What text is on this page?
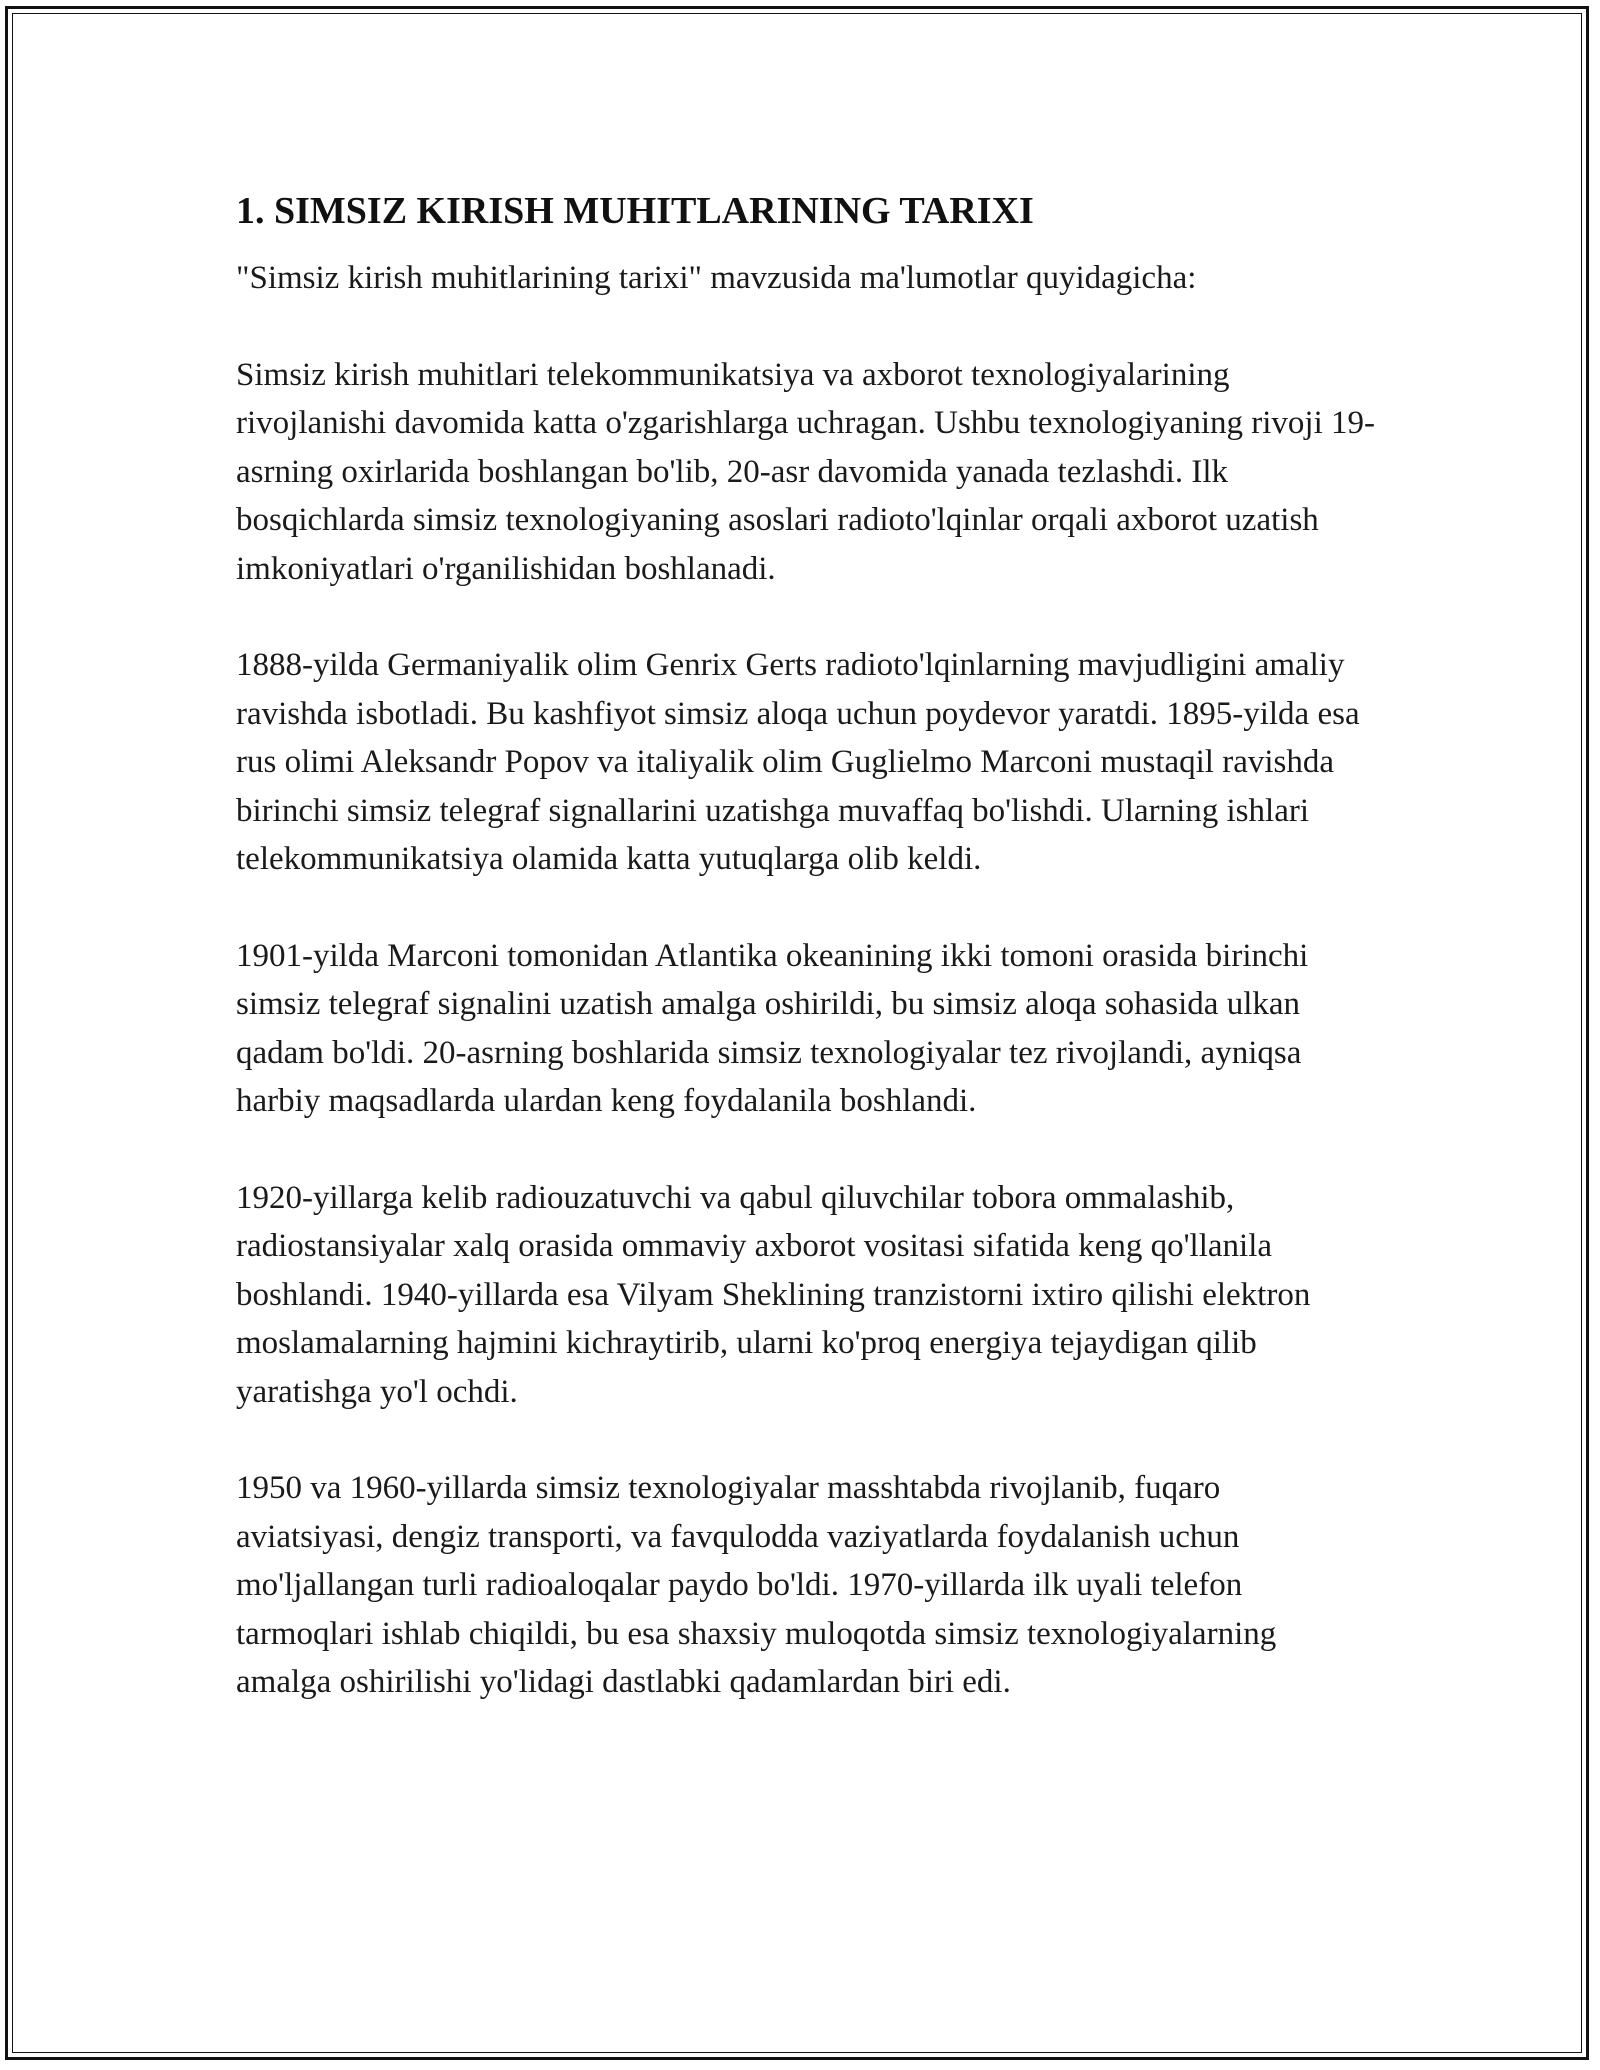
1. SIMSIZ KIRISH MUHITLARINING TARIXI

"Simsiz kirish muhitlarining tarixi" mavzusida ma'lumotlar quyidagicha:

Simsiz kirish muhitlari telekommunikatsiya va axborot texnologiyalarining rivojlanishi davomida katta o'zgarishlarga uchragan. Ushbu texnologiyaning rivoji 19-asrning oxirlarida boshlangan bo'lib, 20-asr davomida yanada tezlashdi. Ilk bosqichlarda simsiz texnologiyaning asoslari radioto'lqinlar orqali axborot uzatish imkoniyatlari o'rganilishidan boshlanadi.

1888-yilda Germaniyalik olim Genrix Gerts radioto'lqinlarning mavjudligini amaliy ravishda isbotladi. Bu kashfiyot simsiz aloqa uchun poydevor yaratdi. 1895-yilda esa rus olimi Aleksandr Popov va italiyalik olim Guglielmo Marconi mustaqil ravishda birinchi simsiz telegraf signallarini uzatishga muvaffaq bo'lishdi. Ularning ishlari telekommunikatsiya olamida katta yutuqlarga olib keldi.

1901-yilda Marconi tomonidan Atlantika okeanining ikki tomoni orasida birinchi simsiz telegraf signalini uzatish amalga oshirildi, bu simsiz aloqa sohasida ulkan qadam bo'ldi. 20-asrning boshlarida simsiz texnologiyalar tez rivojlandi, ayniqsa harbiy maqsadlarda ulardan keng foydalanila boshlandi.

1920-yillarga kelib radiouzatuvchi va qabul qiluvchilar tobora ommalashib, radiostansiyalar xalq orasida ommaviy axborot vositasi sifatida keng qo'llanila boshlandi. 1940-yillarda esa Vilyam Sheklining tranzistorni ixtiro qilishi elektron moslamalarning hajmini kichraytirib, ularni ko'proq energiya tejaydigan qilib yaratishga yo'l ochdi.

1950 va 1960-yillarda simsiz texnologiyalar masshtabda rivojlanib, fuqaro aviatsiyasi, dengiz transporti, va favqulodda vaziyatlarda foydalanish uchun mo'ljallangan turli radioaloqalar paydo bo'ldi. 1970-yillarda ilk uyali telefon tarmoqlari ishlab chiqildi, bu esa shaxsiy muloqotda simsiz texnologiyalarning amalga oshirilishi yo'lidagi dastlabki qadamlardan biri edi.
